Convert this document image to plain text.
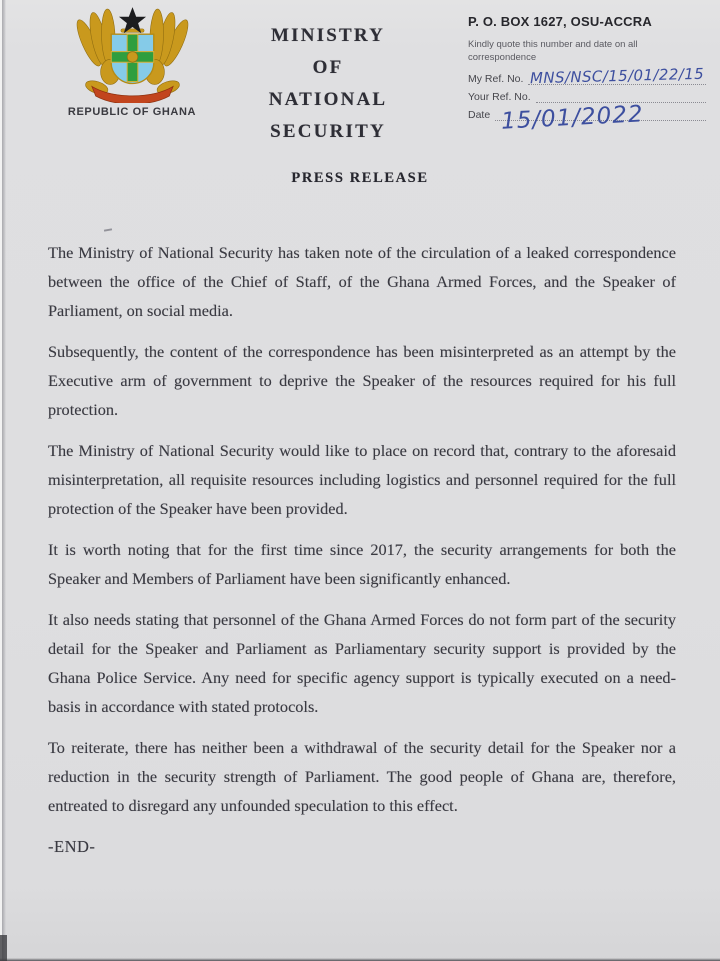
REPUBLIC OF GHANA
MINISTRY
OF
NATIONAL SECURITY
P. O. BOX 1627, OSU-ACCRA
Kindly quote this number and date on all
correspondence
My Ref. No. MNS/NSC/15/01/22/15
Your Ref. No.
Date 15/01/2022
PRESS RELEASE

The Ministry of National Security has taken note of the circulation of a leaked correspondence between the office of the Chief of Staff, of the Ghana Armed Forces, and the Speaker of Parliament, on social media.

Subsequently, the content of the correspondence has been misinterpreted as an attempt by the Executive arm of government to deprive the Speaker of the resources required for his full protection.

The Ministry of National Security would like to place on record that, contrary to the aforesaid misinterpretation, all requisite resources including logistics and personnel required for the full protection of the Speaker have been provided.

It is worth noting that for the first time since 2017, the security arrangements for both the Speaker and Members of Parliament have been significantly enhanced.

It also needs stating that personnel of the Ghana Armed Forces do not form part of the security detail for the Speaker and Parliament as Parliamentary security support is provided by the Ghana Police Service. Any need for specific agency support is typically executed on a need-basis in accordance with stated protocols.

To reiterate, there has neither been a withdrawal of the security detail for the Speaker nor a reduction in the security strength of Parliament. The good people of Ghana are, therefore, entreated to disregard any unfounded speculation to this effect.

-END-
